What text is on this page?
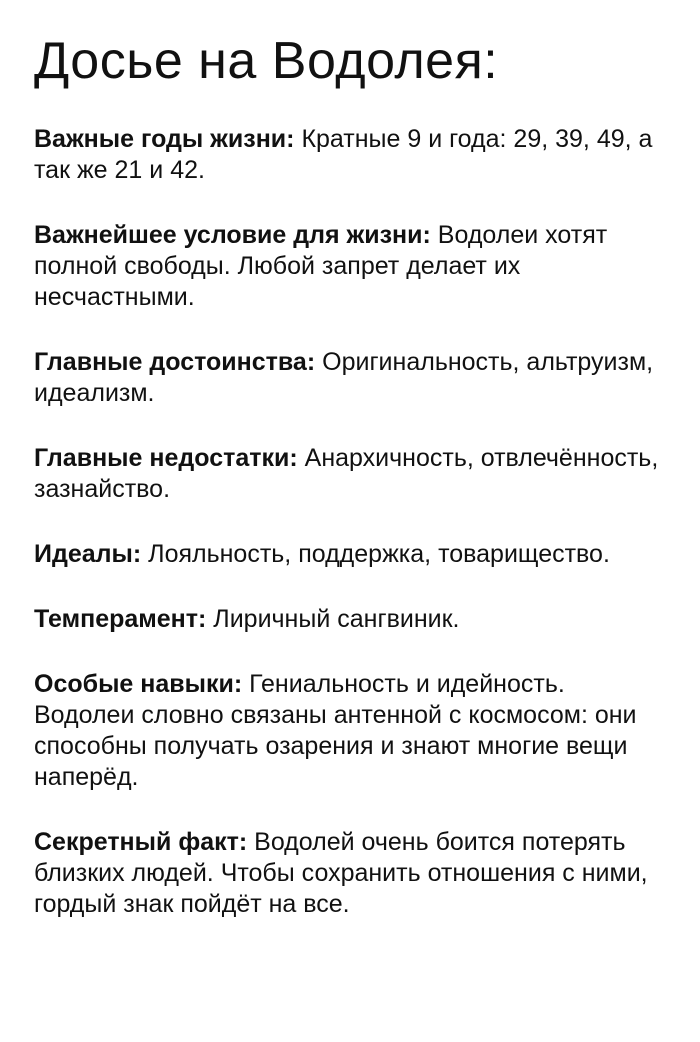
Досье на Водолея:

Важные годы жизни: Кратные 9 и года: 29, 39, 49, а так же 21 и 42.

Важнейшее условие для жизни: Водолеи хотят полной свободы. Любой запрет делает их несчастными.

Главные достоинства: Оригинальность, альтруизм, идеализм.

Главные недостатки: Анархичность, отвлечённость, зазнайство.

Идеалы: Лояльность, поддержка, товарищество.

Темперамент: Лиричный сангвиник.

Особые навыки: Гениальность и идейность. Водолеи словно связаны антенной с космосом: они способны получать озарения и знают многие вещи наперёд.

Секретный факт: Водолей очень боится потерять близких людей. Чтобы сохранить отношения с ними, гордый знак пойдёт на все.
